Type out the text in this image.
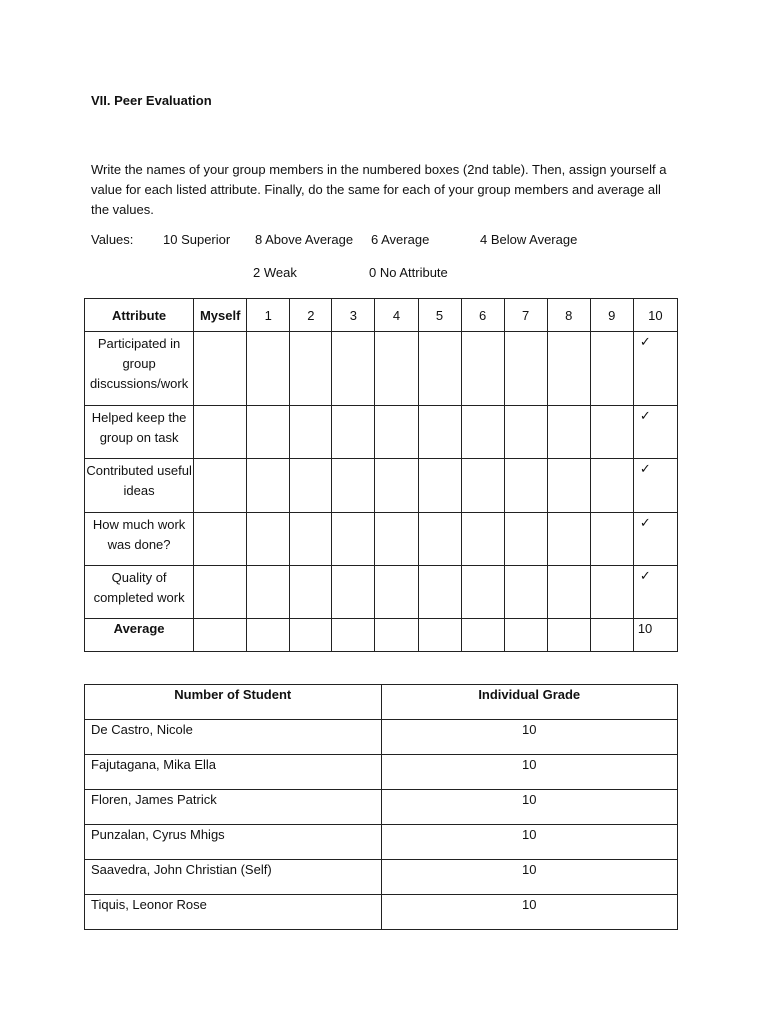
VII. Peer Evaluation
Write the names of your group members in the numbered boxes (2nd table). Then, assign yourself a value for each listed attribute. Finally, do the same for each of your group members and average all the values.
Values: 10 Superior 8 Above Average 6 Average	4 Below Average
2 Weak	0 No Attribute
Attribute	Myself	1	2	3	4	5	6	7	8	9	10
Participated in group discussions/work											✓
Helped keep the group on task											✓
Contributed useful ideas											✓
How much work was done?											✓
Quality of completed work											✓
Average											10
Number of Student	Individual Grade
De Castro, Nicole	10
Fajutagana, Mika Ella	10
Floren, James Patrick	10
Punzalan, Cyrus Mhigs	10
Saavedra, John Christian (Self)	10
Tiquis, Leonor Rose	10
